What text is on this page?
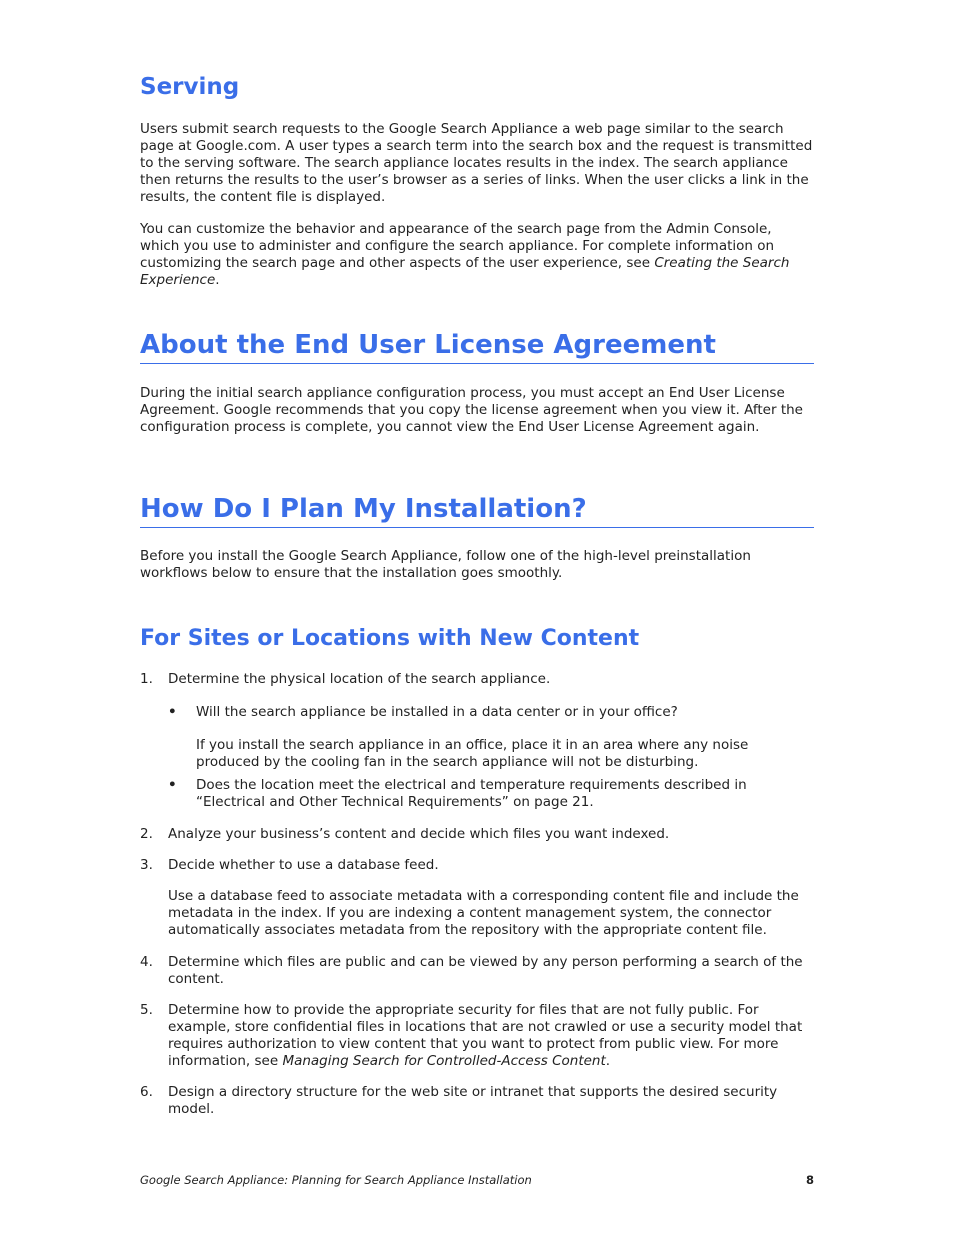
Serving

Users submit search requests to the Google Search Appliance a web page similar to the search page at Google.com. A user types a search term into the search box and the request is transmitted to the serving software. The search appliance locates results in the index. The search appliance then returns the results to the user’s browser as a series of links. When the user clicks a link in the results, the content file is displayed.

You can customize the behavior and appearance of the search page from the Admin Console, which you use to administer and configure the search appliance. For complete information on customizing the search page and other aspects of the user experience, see Creating the Search Experience.

About the End User License Agreement

During the initial search appliance configuration process, you must accept an End User License Agreement. Google recommends that you copy the license agreement when you view it. After the configuration process is complete, you cannot view the End User License Agreement again.

How Do I Plan My Installation?

Before you install the Google Search Appliance, follow one of the high-level preinstallation workflows below to ensure that the installation goes smoothly.

For Sites or Locations with New Content
1.	Determine the physical location of the search appliance.
• Will the search appliance be installed in a data center or in your office?
If you install the search appliance in an office, place it in an area where any noise produced by the cooling fan in the search appliance will not be disturbing.
• Does the location meet the electrical and temperature requirements described in “Electrical and Other Technical Requirements” on page 21.
2.	Analyze your business’s content and decide which files you want indexed.
3.	Decide whether to use a database feed.
Use a database feed to associate metadata with a corresponding content file and include the metadata in the index. If you are indexing a content management system, the connector automatically associates metadata from the repository with the appropriate content file.
4.	Determine which files are public and can be viewed by any person performing a search of the content.
5.	Determine how to provide the appropriate security for files that are not fully public. For example, store confidential files in locations that are not crawled or use a security model that requires authorization to view content that you want to protect from public view. For more information, see Managing Search for Controlled-Access Content.
6.	Design a directory structure for the web site or intranet that supports the desired security model.
Google Search Appliance: Planning for Search Appliance Installation	8
